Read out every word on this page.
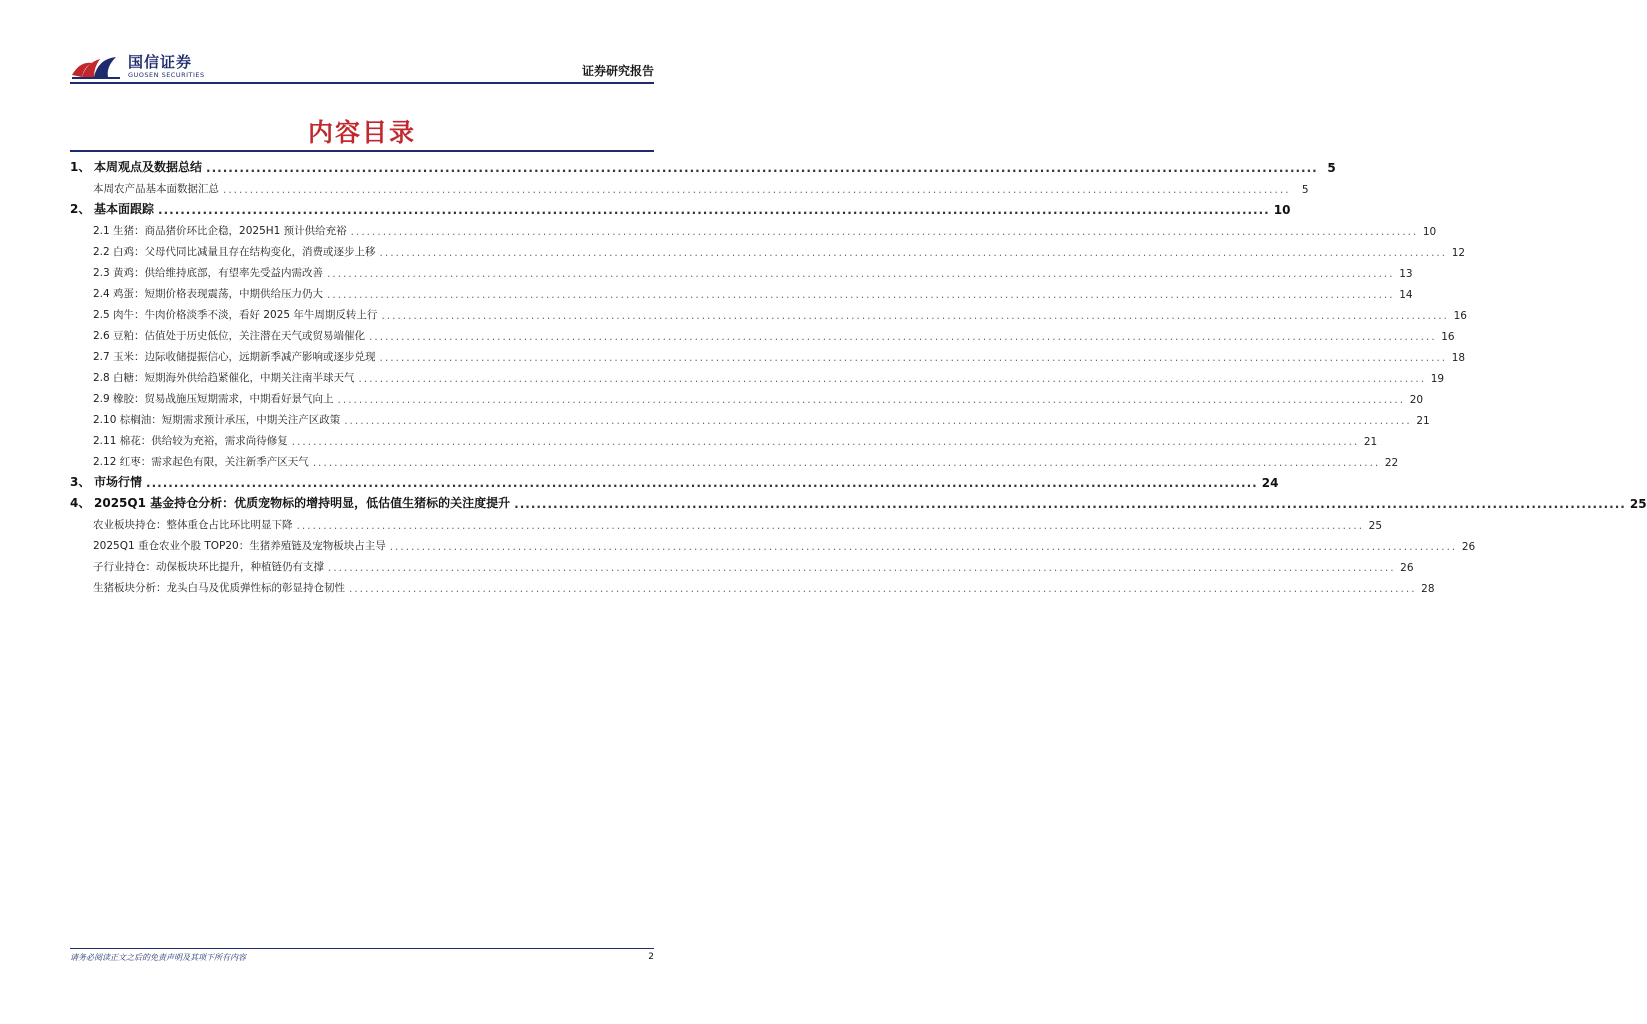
国信证券
GUOSEN SECURITIES	证券研究报告
内容目录
1、 本周观点及数据总结 ........................................................................................................................................................................................................ 5
本周农产品基本面数据汇总 ........................................................................................................................................................................................................	5
2、 基本面跟踪 ........................................................................................................................................................................................................ 10
2.1 生猪：商品猪价环比企稳，2025H1 预计供给充裕 ........................................................................................................................................................................................................ 10
2.2 白鸡：父母代同比减量且存在结构变化，消费或逐步上移 ........................................................................................................................................................................................................ 12
2.3 黄鸡：供给维持底部，有望率先受益内需改善 ........................................................................................................................................................................................................ 13
2.4 鸡蛋：短期价格表现震荡，中期供给压力仍大 ........................................................................................................................................................................................................ 14
2.5 肉牛：牛肉价格淡季不淡，看好 2025 年牛周期反转上行 ........................................................................................................................................................................................................ 16
2.6 豆粕：估值处于历史低位，关注潜在天气或贸易端催化 ........................................................................................................................................................................................................ 16
2.7 玉米：边际收储提振信心，远期新季减产影响或逐步兑现 ........................................................................................................................................................................................................ 18
2.8 白糖：短期海外供给趋紧催化，中期关注南半球天气 ........................................................................................................................................................................................................ 19
2.9 橡胶：贸易战施压短期需求，中期看好景气向上 ........................................................................................................................................................................................................ 20
2.10 棕榈油：短期需求预计承压，中期关注产区政策 ........................................................................................................................................................................................................ 21
2.11 棉花：供给较为充裕，需求尚待修复 ........................................................................................................................................................................................................ 21
2.12 红枣：需求起色有限，关注新季产区天气 ........................................................................................................................................................................................................ 22
3、 市场行情 ........................................................................................................................................................................................................ 24
4、 2025Q1 基金持仓分析：优质宠物标的增持明显，低估值生猪标的关注度提升 ........................................................................................................................................................................................................ 25
农业板块持仓：整体重仓占比环比明显下降 ........................................................................................................................................................................................................ 25
2025Q1 重仓农业个股 TOP20：生猪养殖链及宠物板块占主导 ........................................................................................................................................................................................................ 26
子行业持仓：动保板块环比提升，种植链仍有支撑 ........................................................................................................................................................................................................ 26
生猪板块分析：龙头白马及优质弹性标的彰显持仓韧性 ........................................................................................................................................................................................................ 28
请务必阅读正文之后的免责声明及其项下所有内容	2
